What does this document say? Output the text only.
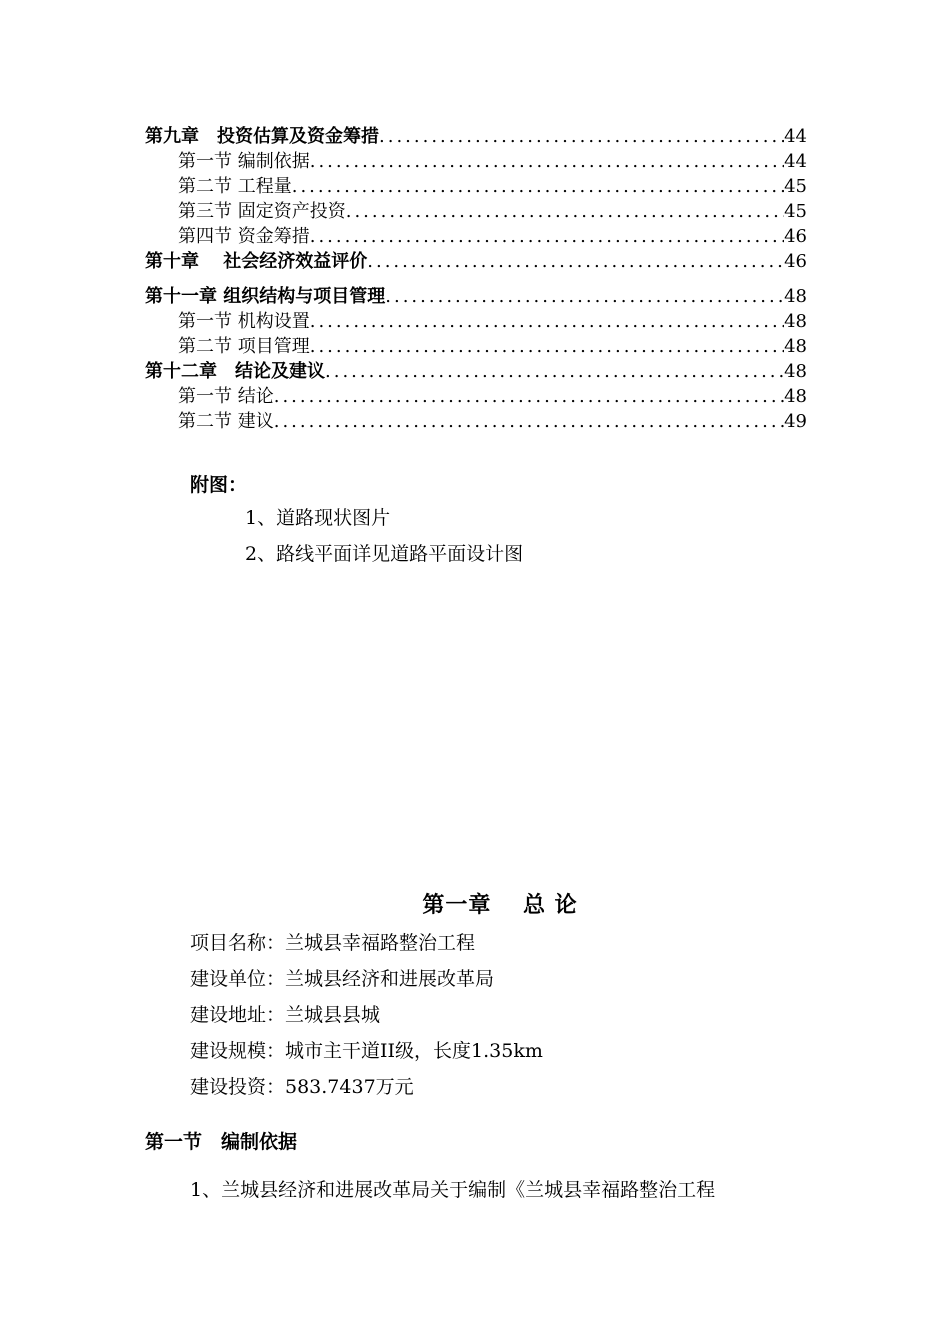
第九章　投资估算及资金筹措 .....	44
第一节 编制依据 .....	44
第二节 工程量 .....	45
第三节 固定资产投资 .....	45
第四节 资金筹措 .....	46
第十章　 社会经济效益评价 .....	46
第十一章 组织结构与项目管理 .....	48
第一节 机构设置 .....	48
第二节 项目管理 .....	48
第十二章　结论及建议 .....	48
第一节 结论 .....	48
第二节 建议 .....	49
附图：
1、道路现状图片
2、路线平面详见道路平面设计图
第一章　 总 论
项目名称：兰城县幸福路整治工程
建设单位：兰城县经济和进展改革局
建设地址：兰城县县城
建设规模：城市主干道II级，长度1.35km
建设投资：583.7437万元
第一节　编制依据
1、兰城县经济和进展改革局关于编制《兰城县幸福路整治工程
